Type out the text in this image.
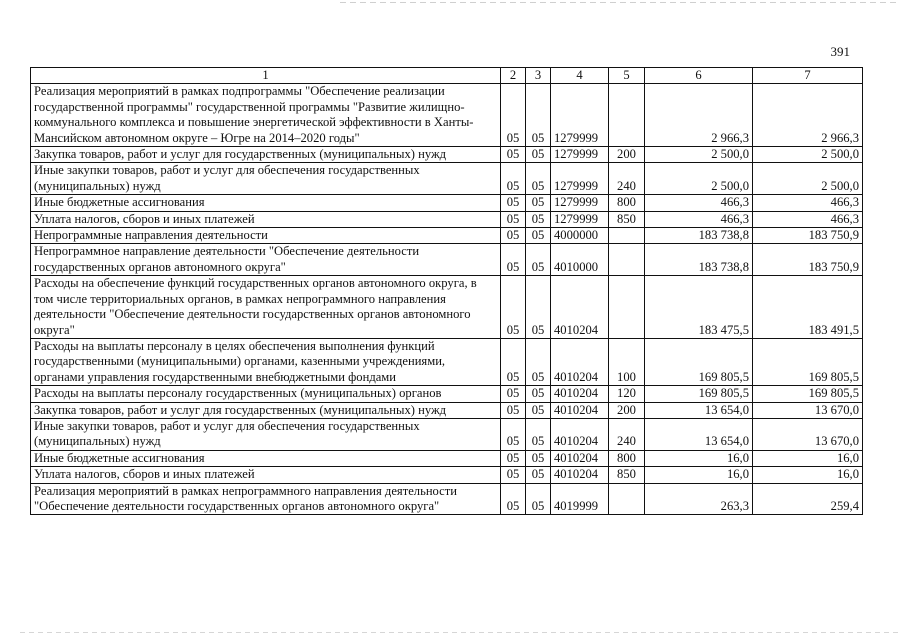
391
1	2	3	4	5	6	7
Реализация мероприятий в рамках подпрограммы "Обеспечение реализации государственной программы" государственной программы "Развитие жилищно-коммунального комплекса и повышение энергетической эффективности в Ханты-Мансийском автономном округе – Югре на 2014–2020 годы"	05	05	1279999		2 966,3	2 966,3
Закупка товаров, работ и услуг для государственных (муниципальных) нужд	05	05	1279999	200	2 500,0	2 500,0
Иные закупки товаров, работ и услуг для обеспечения государственных (муниципальных) нужд	05	05	1279999	240	2 500,0	2 500,0
Иные бюджетные ассигнования	05	05	1279999	800	466,3	466,3
Уплата налогов, сборов и иных платежей	05	05	1279999	850	466,3	466,3
Непрограммные направления деятельности	05	05	4000000		183 738,8	183 750,9
Непрограммное направление деятельности "Обеспечение деятельности государственных органов автономного округа"	05	05	4010000		183 738,8	183 750,9
Расходы на обеспечение функций государственных органов автономного округа, в том числе территориальных органов, в рамках непрограммного направления деятельности "Обеспечение деятельности государственных органов автономного округа"	05	05	4010204		183 475,5	183 491,5
Расходы на выплаты персоналу в целях обеспечения выполнения функций государственными (муниципальными) органами, казенными учреждениями, органами управления государственными внебюджетными фондами	05	05	4010204	100	169 805,5	169 805,5
Расходы на выплаты персоналу государственных (муниципальных) органов	05	05	4010204	120	169 805,5	169 805,5
Закупка товаров, работ и услуг для государственных (муниципальных) нужд	05	05	4010204	200	13 654,0	13 670,0
Иные закупки товаров, работ и услуг для обеспечения государственных (муниципальных) нужд	05	05	4010204	240	13 654,0	13 670,0
Иные бюджетные ассигнования	05	05	4010204	800	16,0	16,0
Уплата налогов, сборов и иных платежей	05	05	4010204	850	16,0	16,0
Реализация мероприятий в рамках непрограммного направления деятельности "Обеспечение деятельности государственных органов автономного округа"	05	05	4019999		263,3	259,4
